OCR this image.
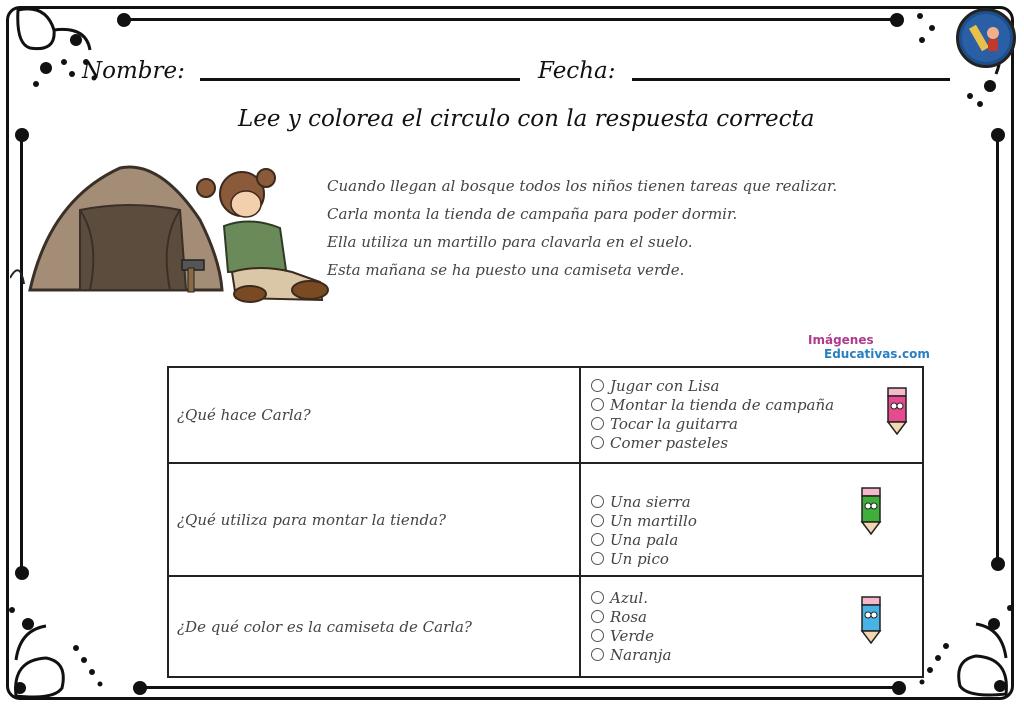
Nombre:	Fecha:
Lee y colorea el circulo con la respuesta correcta
Cuando llegan al bosque todos los niños tienen tareas que realizar.
Carla monta la tienda de campaña para poder dormir.
Ella utiliza un martillo para clavarla en el suelo.
Esta mañana se ha puesto una camiseta verde.
Imágenes
Educativas.com
¿Qué hace Carla?	Jugar con Lisa
Montar la tienda de campaña
Tocar la guitarra
Comer pasteles

¿Qué utiliza para montar la tienda?	Una sierra
Un martillo
Una pala
Un pico

¿De qué color es la camiseta de Carla?	Azul.
Rosa
Verde
Naranja
